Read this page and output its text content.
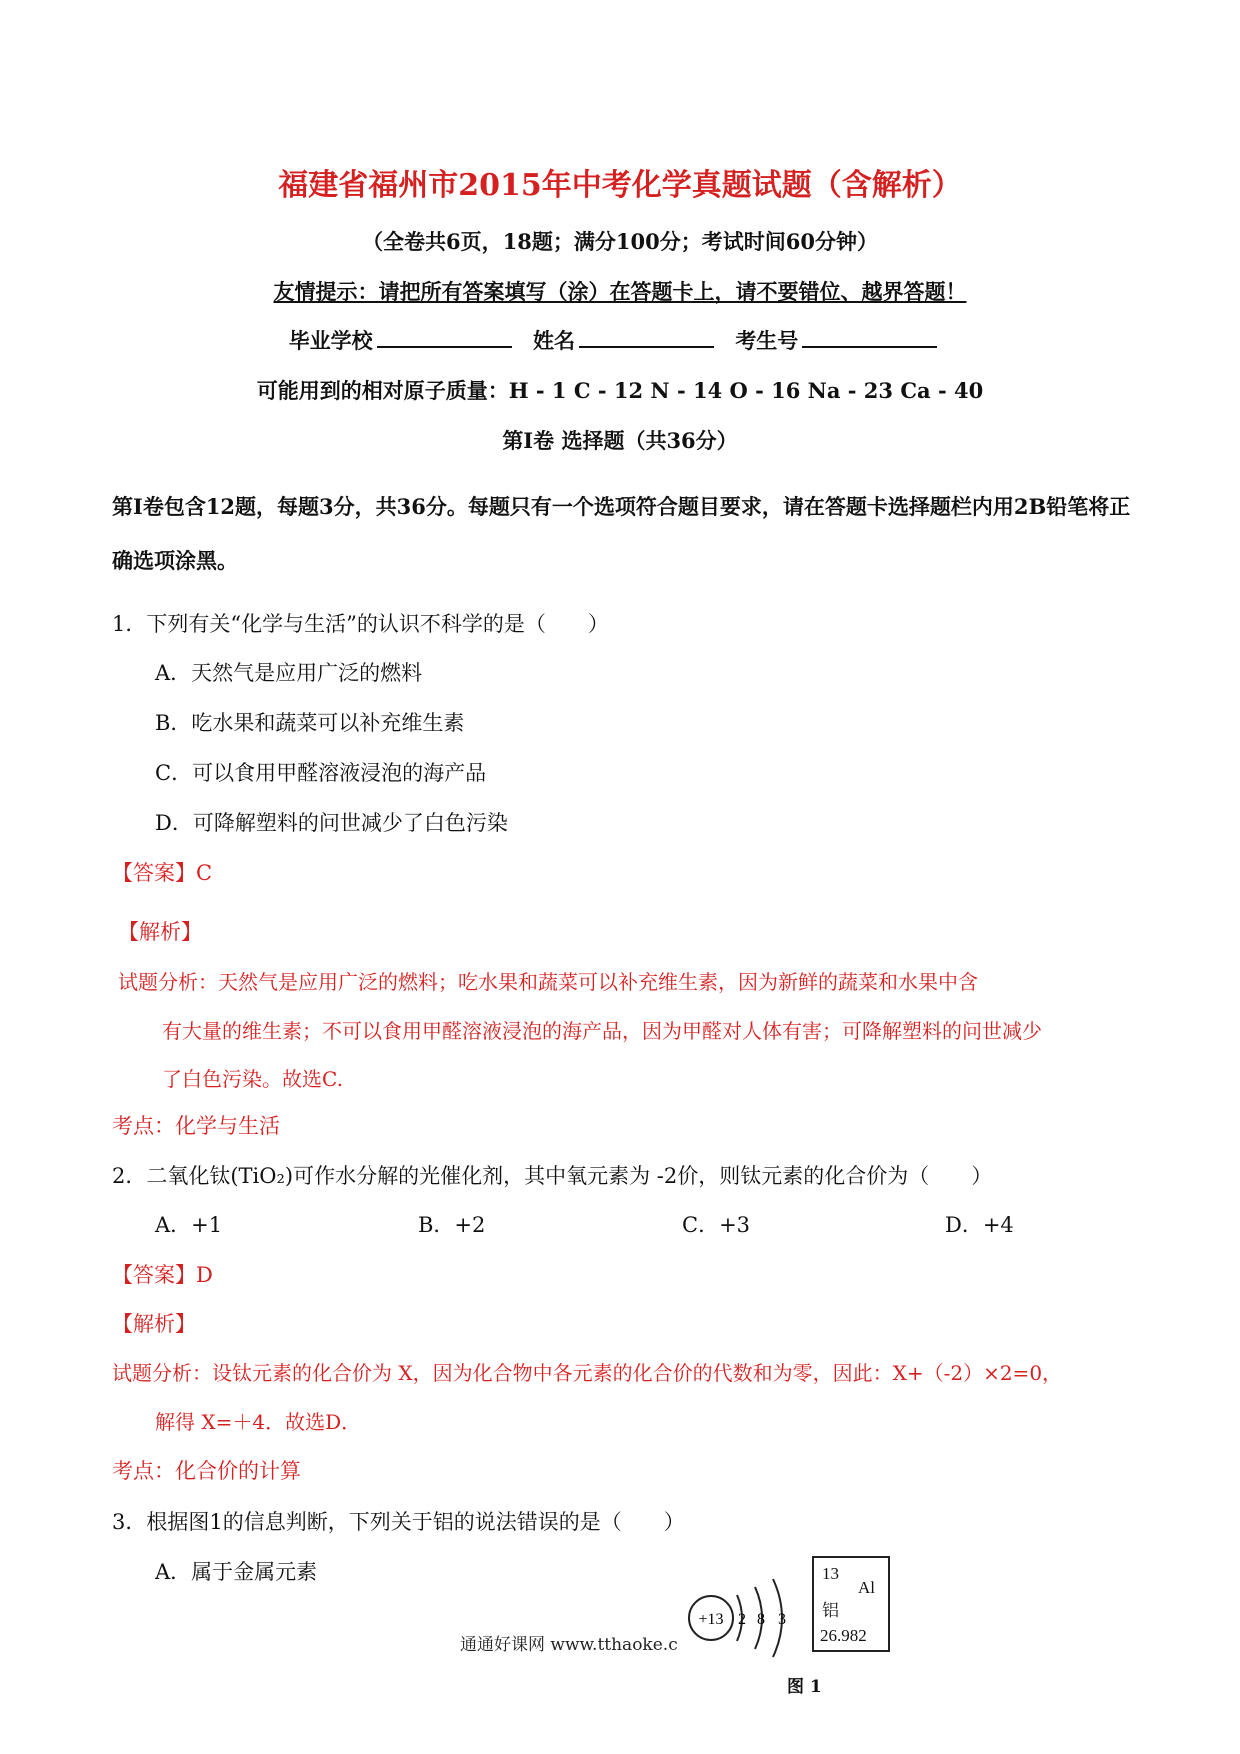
福建省福州市2015年中考化学真题试题（含解析）
（全卷共6页，18题；满分100分；考试时间60分钟）
友情提示：请把所有答案填写（涂）在答题卡上，请不要错位、越界答题！
毕业学校	姓名	考生号
可能用到的相对原子质量：H - 1 C - 12 N - 14 O - 16 Na - 23 Ca - 40
第Ⅰ卷 选择题（共36分）
第Ⅰ卷包含12题，每题3分，共36分。每题只有一个选项符合题目要求，请在答题卡选择题栏内用2B铅笔将正确选项涂黑。
1．下列有关“化学与生活”的认识不科学的是（　　）
A．天然气是应用广泛的燃料
B．吃水果和蔬菜可以补充维生素
C．可以食用甲醛溶液浸泡的海产品
D．可降解塑料的问世减少了白色污染
【答案】C
【解析】
试题分析：天然气是应用广泛的燃料；吃水果和蔬菜可以补充维生素，因为新鲜的蔬菜和水果中含
有大量的维生素；不可以食用甲醛溶液浸泡的海产品，因为甲醛对人体有害；可降解塑料的问世减少
了白色污染。故选C.
考点：化学与生活
2．二氧化钛(TiO₂)可作水分解的光催化剂，其中氧元素为 -2价，则钛元素的化合价为（　　）
A．+1	B．+2	C．+3	D．+4
【答案】D
【解析】
试题分析：设钛元素的化合价为 X，因为化合物中各元素的化合价的代数和为零，因此：X+（-2）×2=0，
解得 X=＋4．故选D．
考点：化合价的计算
3．根据图1的信息判断，下列关于铝的说法错误的是（　　）
A．属于金属元素
+13 2 8 3
13
Al
铝
26.982
图 1
通通好课网 www.tthaoke.c
